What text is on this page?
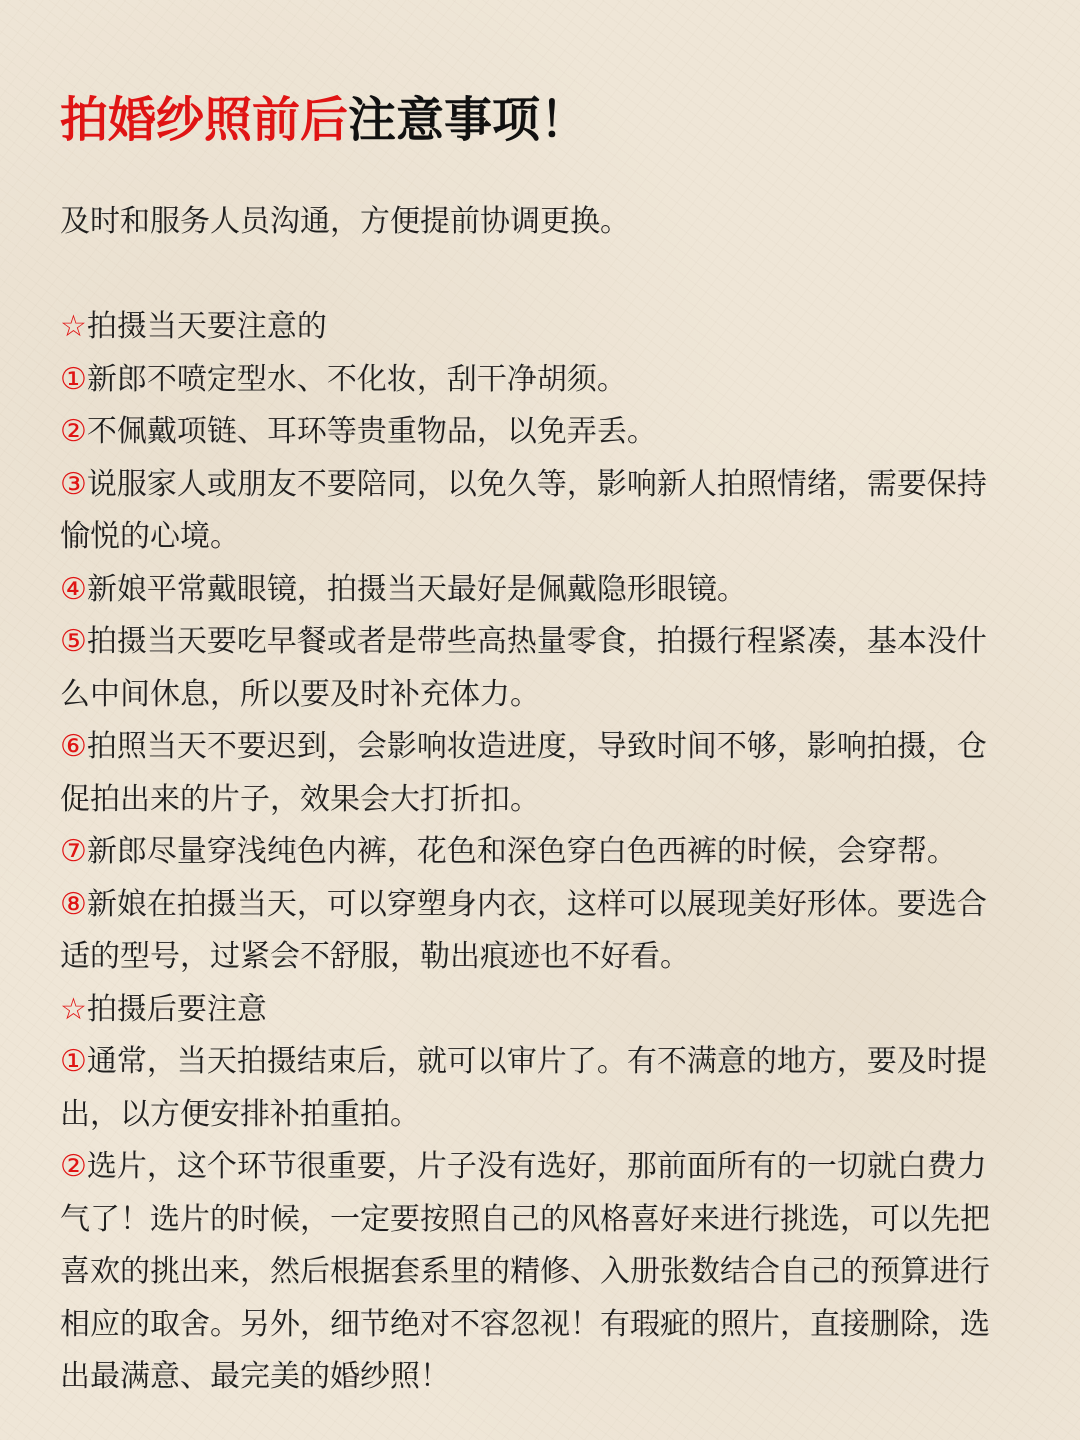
拍婚纱照前后注意事项！

及时和服务人员沟通，方便提前协调更换。

☆拍摄当天要注意的

①新郎不喷定型水、不化妆，刮干净胡须。

②不佩戴项链、耳环等贵重物品，以免弄丢。

③说服家人或朋友不要陪同，以免久等，影响新人拍照情绪，需要保持愉悦的心境。

④新娘平常戴眼镜，拍摄当天最好是佩戴隐形眼镜。

⑤拍摄当天要吃早餐或者是带些高热量零食，拍摄行程紧凑，基本没什么中间休息，所以要及时补充体力。

⑥拍照当天不要迟到，会影响妆造进度，导致时间不够，影响拍摄，仓促拍出来的片子，效果会大打折扣。

⑦新郎尽量穿浅纯色内裤，花色和深色穿白色西裤的时候，会穿帮。

⑧新娘在拍摄当天，可以穿塑身内衣，这样可以展现美好形体。要选合适的型号，过紧会不舒服，勒出痕迹也不好看。

☆拍摄后要注意

①通常，当天拍摄结束后，就可以审片了。有不满意的地方，要及时提出，以方便安排补拍重拍。

②选片，这个环节很重要，片子没有选好，那前面所有的一切就白费力气了！选片的时候，一定要按照自己的风格喜好来进行挑选，可以先把喜欢的挑出来，然后根据套系里的精修、入册张数结合自己的预算进行相应的取舍。另外，细节绝对不容忽视！有瑕疵的照片，直接删除，选出最满意、最完美的婚纱照！
